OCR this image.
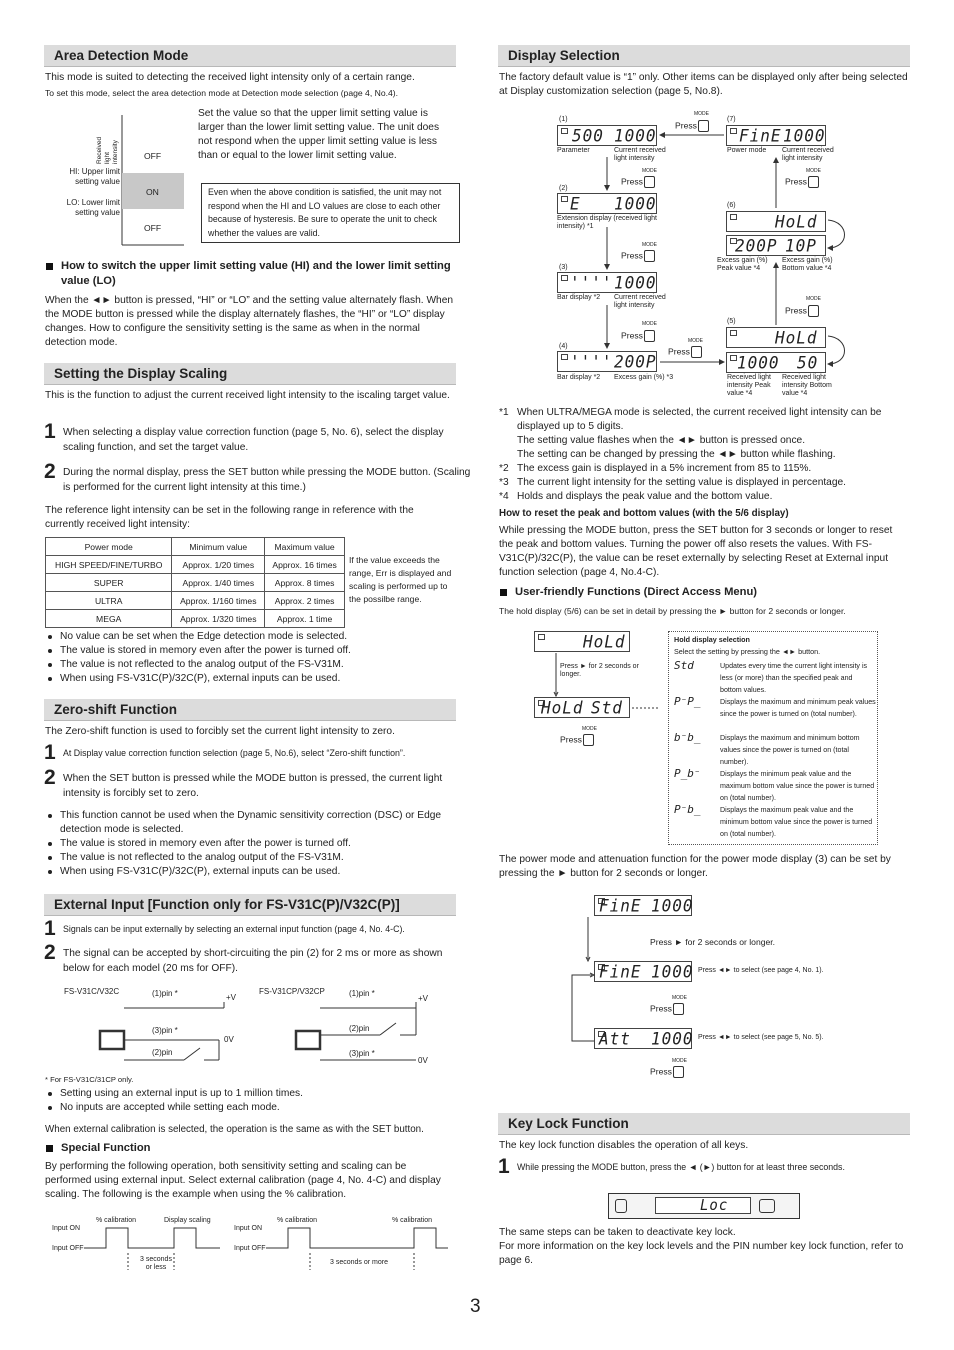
Area Detection Mode

This mode is suited to detecting the received light intensity only of a certain range.

To set this mode, select the area detection mode at Detection mode selection (page 4, No.4).

Received light intensity	OFF
ON
OFF
HI: Upper limit setting value
LO: Lower limit setting value

Set the value so that the upper limit setting value is larger than the lower limit setting value. The unit does not respond when the upper limit setting value is less than or equal to the lower limit setting value.

Even when the above condition is satisfied, the unit may not respond when the HI and LO values are close to each other because of hysteresis. Be sure to operate the unit to check whether the values are valid.
How to switch the upper limit setting value (HI) and the lower limit setting value (LO)

When the ◄► button is pressed, “HI” or “LO” and the setting value alternately flash. When the MODE button is pressed while the display alternately flashes, the “HI” or “LO” display changes. How to configure the sensitivity setting is the same as when in the normal detection mode.

Setting the Display Scaling

This is the function to adjust the current received light intensity to the iscaling target value.

1 When selecting a display value correction function (page 5, No. 6), select the display scaling function, and set the target value.
2 During the normal display, press the SET button while pressing the MODE button. (Scaling is performed for the current light intensity at this time.)

The reference light intensity can be set in the following range in reference with the currently received light intensity:

Power mode	Minimum value	Maximum value
HIGH SPEED/FINE/TURBO	Approx. 1/20 times	Approx. 16 times
SUPER	Approx. 1/40 times	Approx. 8 times
ULTRA	Approx. 1/160 times	Approx. 2 times
MEGA	Approx. 1/320 times	Approx. 1 time
If the value exceeds the range, Err is displayed and scaling is performed up to the possilbe range.
No value can be set when the Edge detection mode is selected.
The value is stored in memory even after the power is turned off.
The value is not reflected to the analog output of the FS-V31M.
When using FS-V31C(P)/32C(P), external inputs can be used.
Zero-shift Function

The Zero-shift function is used to forcibly set the current light intensity to zero.

1 At Display value correction function selection (page 5, No.6), select “Zero-shift function”.
2 When the SET button is pressed while the MODE button is pressed, the current light intensity is forcibly set to zero.
This function cannot be used when the Dynamic sensitivity correction (DSC) or Edge detection mode is selected.
The value is stored in memory even after the power is turned off.
The value is not reflected to the analog output of the FS-V31M.
When using FS-V31C(P)/32C(P), external inputs can be used.
External Input [Function only for FS-V31C(P)/V32C(P)]
1 Signals can be input externally by selecting an external input function (page 4, No. 4-C).
2 The signal can be accepted by short-circuiting the pin (2) for 2 ms or more as shown below for each model (20 ms for OFF).
FS-V31C/V32C	FS-V31CP/V32CP
(1)pin *	+V
(3)pin *
0V
(2)pin
(1)pin *
+V
(2)pin
(3)pin *
0V
* For FS-V31C/31CP only.
Setting using an external input is up to 1 million times.
No inputs are accepted while setting each mode.

When external calibration is selected, the operation is the same as with the SET button.

Special Function

By performing the following operation, both sensitivity setting and scaling can be performed using external input. Select external calibration (page 4, No. 4-C) and display scaling. The following is the example when using the % calibration.

Input ON
Input OFF
% calibration	Display scaling
3 seconds or less
Input ON
Input OFF
% calibration	% calibration
3 seconds or more
Display Selection

The factory default value is “1” only. Other items can be displayed only after being selected at Display customization selection (page 5, No.8).

(1)
500 1000
Parameter	Current received light intensity
Press
MODE
(7)
FinE 1000
Power mode Current received light intensity
(2)
E 1000
Extension display (received light intensity) *1
Press
MODE
Press
MODE
(3)
'''' 1000
Bar display *2 Current received light intensity
Press
MODE
(4)
'''' 200P
Bar display *2 Excess gain (%) *3
Press
MODE
(5)
HoLd
1000 50
Received light intensity Peak value *4
Received light intensity Bottom value *4
Press
MODE
(6)
HoLd
200P 10P
Excess gain (%) Peak value *4
Excess gain (%) Bottom value *4
Press
MODE
*1 When ULTRA/MEGA mode is selected, the current received light intensity can be displayed up to 5 digits.
The setting value flashes when the ◄► button is pressed once.
The setting can be changed by pressing the ◄► button while flashing.
*2 The excess gain is displayed in a 5% increment from 85 to 115%.
*3 The current light intensity for the setting value is displayed in percentage.
*4 Holds and displays the peak value and the bottom value.
How to reset the peak and bottom values (with the 5/6 display)

While pressing the MODE button, press the SET button for 3 seconds or longer to reset the peak and bottom values. Turning the power off also resets the values. With FS-V31C(P)/32C(P), the value can be reset externally by selecting Reset at External input function selection (page 4, No.4-C).

User-friendly Functions (Direct Access Menu)

The hold display (5/6) can be set in detail by pressing the ► button for 2 seconds or longer.

HoLd
Press ► for 2 seconds or longer.
HoLd Std
Press
MODE
Hold display selection
Select the setting by pressing the ◄► button.
Std	Updates every time the current light intensity is less (or more) than the specified peak and bottom values.
P⁻P_	Displays the maximum and minimum peak values since the power is turned on (total number).
b⁻b_	Displays the maximum and minimum bottom values since the power is turned on (total number).
P_b⁻	Displays the minimum peak value and the maximum bottom value since the power is turned on (total number).
P⁻b_	Displays the maximum peak value and the minimum bottom value since the power is turned on (total number).

The power mode and attenuation function for the power mode display (3) can be set by pressing the ► button for 2 seconds or longer.

FinE 1000
Press ► for 2 seconds or longer.
FinE 1000 Press ◄► to select (see page 4, No. 1).
Press
MODE
Att 1000 Press ◄► to select (see page 5, No. 5).
Press
MODE
Key Lock Function

The key lock function disables the operation of all keys.

1 While pressing the MODE button, press the ◄ (►) button for at least three seconds.
Loc

The same steps can be taken to deactivate key lock.

For more information on the key lock levels and the PIN number key lock function, refer to page 6.

3
